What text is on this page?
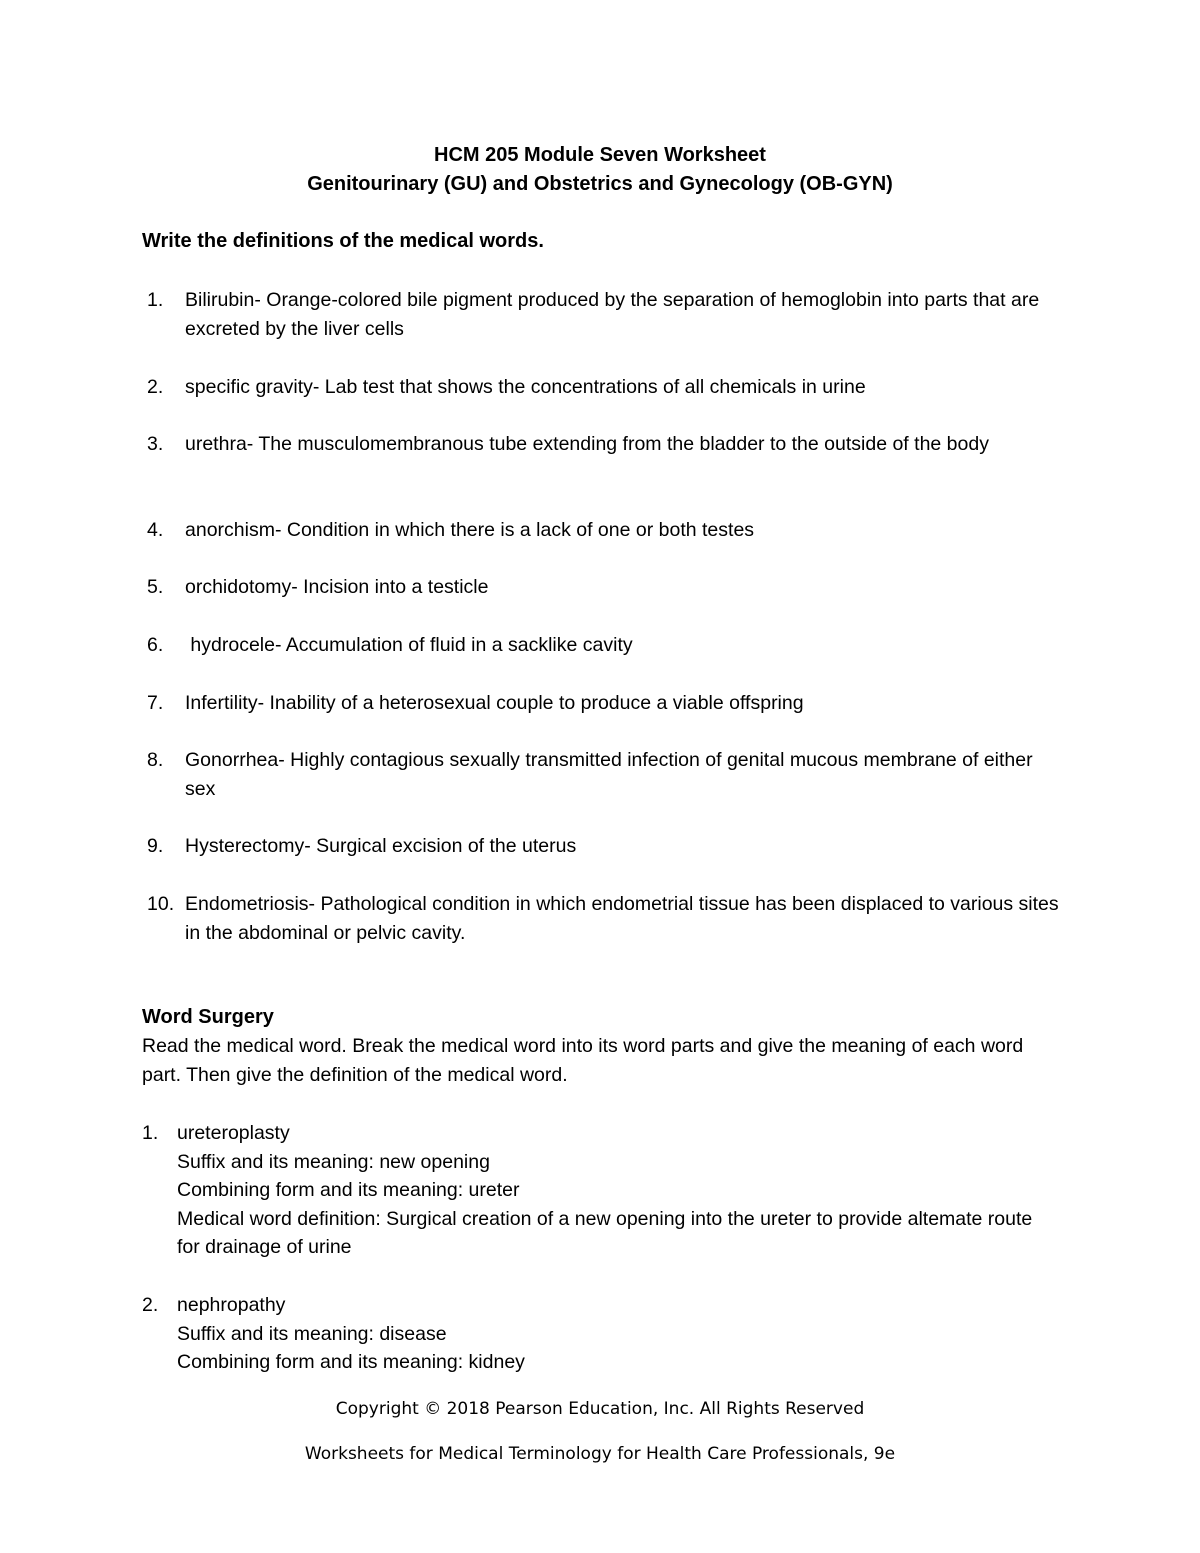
HCM 205 Module Seven Worksheet
Genitourinary (GU) and Obstetrics and Gynecology (OB-GYN)
Write the definitions of the medical words.
1.	Bilirubin- Orange-colored bile pigment produced by the separation of hemoglobin into parts that are excreted by the liver cells
2.	specific gravity- Lab test that shows the concentrations of all chemicals in urine
3.	urethra- The musculomembranous tube extending from the bladder to the outside of the body
4.	anorchism- Condition in which there is a lack of one or both testes
5.	orchidotomy- Incision into a testicle
6.	hydrocele- Accumulation of fluid in a sacklike cavity
7.	Infertility- Inability of a heterosexual couple to produce a viable offspring
8.	Gonorrhea- Highly contagious sexually transmitted infection of genital mucous membrane of either sex
9.	Hysterectomy- Surgical excision of the uterus
10. Endometriosis- Pathological condition in which endometrial tissue has been displaced to various sites in the abdominal or pelvic cavity.
Word Surgery

Read the medical word. Break the medical word into its word parts and give the meaning of each word part. Then give the definition of the medical word.

1. ureteroplasty
Suffix and its meaning: new opening
Combining form and its meaning: ureter
Medical word definition: Surgical creation of a new opening into the ureter to provide altemate route for drainage of urine
2. nephropathy
Suffix and its meaning: disease
Combining form and its meaning: kidney
Copyright © 2018 Pearson Education, Inc. All Rights Reserved
Worksheets for Medical Terminology for Health Care Professionals, 9e
